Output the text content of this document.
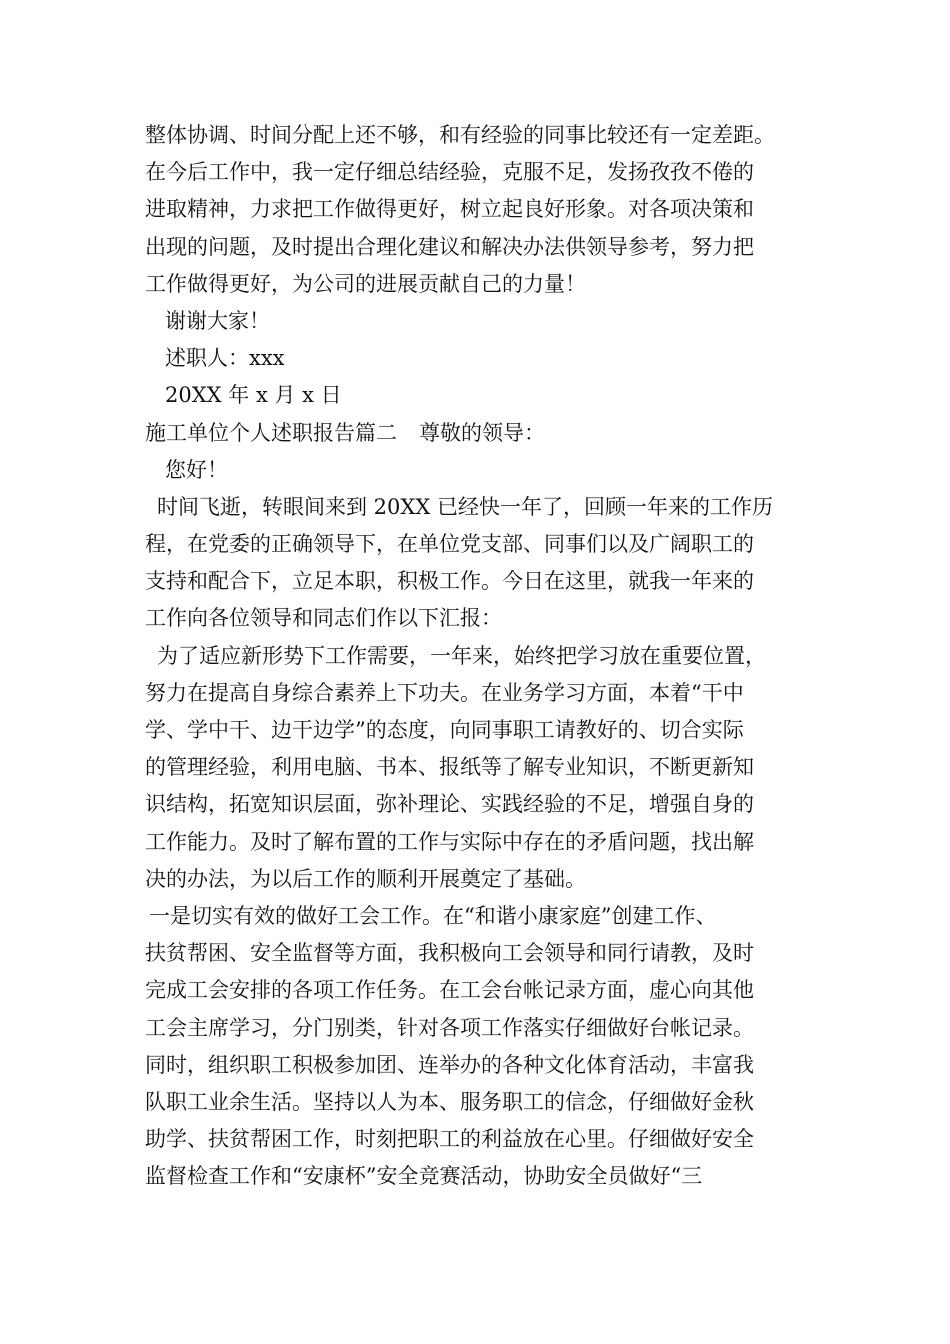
整体协调、时间分配上还不够，和有经验的同事比较还有一定差距。
在今后工作中，我一定仔细总结经验，克服不足，发扬孜孜不倦的
进取精神，力求把工作做得更好，树立起良好形象。对各项决策和
出现的问题，及时提出合理化建议和解决办法供领导参考，努力把
工作做得更好，为公司的进展贡献自己的力量！
谢谢大家！
述职人：xxx
20XX 年 x 月 x 日
施工单位个人述职报告篇二 尊敬的领导：
您好！
时间飞逝，转眼间来到 20XX 已经快一年了，回顾一年来的工作历
程，在党委的正确领导下，在单位党支部、同事们以及广阔职工的
支持和配合下，立足本职，积极工作。今日在这里，就我一年来的
工作向各位领导和同志们作以下汇报：
为了适应新形势下工作需要，一年来，始终把学习放在重要位置，
努力在提高自身综合素养上下功夫。在业务学习方面，本着“干中
学、学中干、边干边学”的态度，向同事职工请教好的、切合实际
的管理经验，利用电脑、书本、报纸等了解专业知识，不断更新知
识结构，拓宽知识层面，弥补理论、实践经验的不足，增强自身的
工作能力。及时了解布置的工作与实际中存在的矛盾问题，找出解
决的办法，为以后工作的顺利开展奠定了基础。
一是切实有效的做好工会工作。在“和谐小康家庭”创建工作、
扶贫帮困、安全监督等方面，我积极向工会领导和同行请教，及时
完成工会安排的各项工作任务。在工会台帐记录方面，虚心向其他
工会主席学习，分门别类，针对各项工作落实仔细做好台帐记录。
同时，组织职工积极参加团、连举办的各种文化体育活动，丰富我
队职工业余生活。坚持以人为本、服务职工的信念，仔细做好金秋
助学、扶贫帮困工作，时刻把职工的利益放在心里。仔细做好安全
监督检查工作和“安康杯”安全竞赛活动，协助安全员做好“三
